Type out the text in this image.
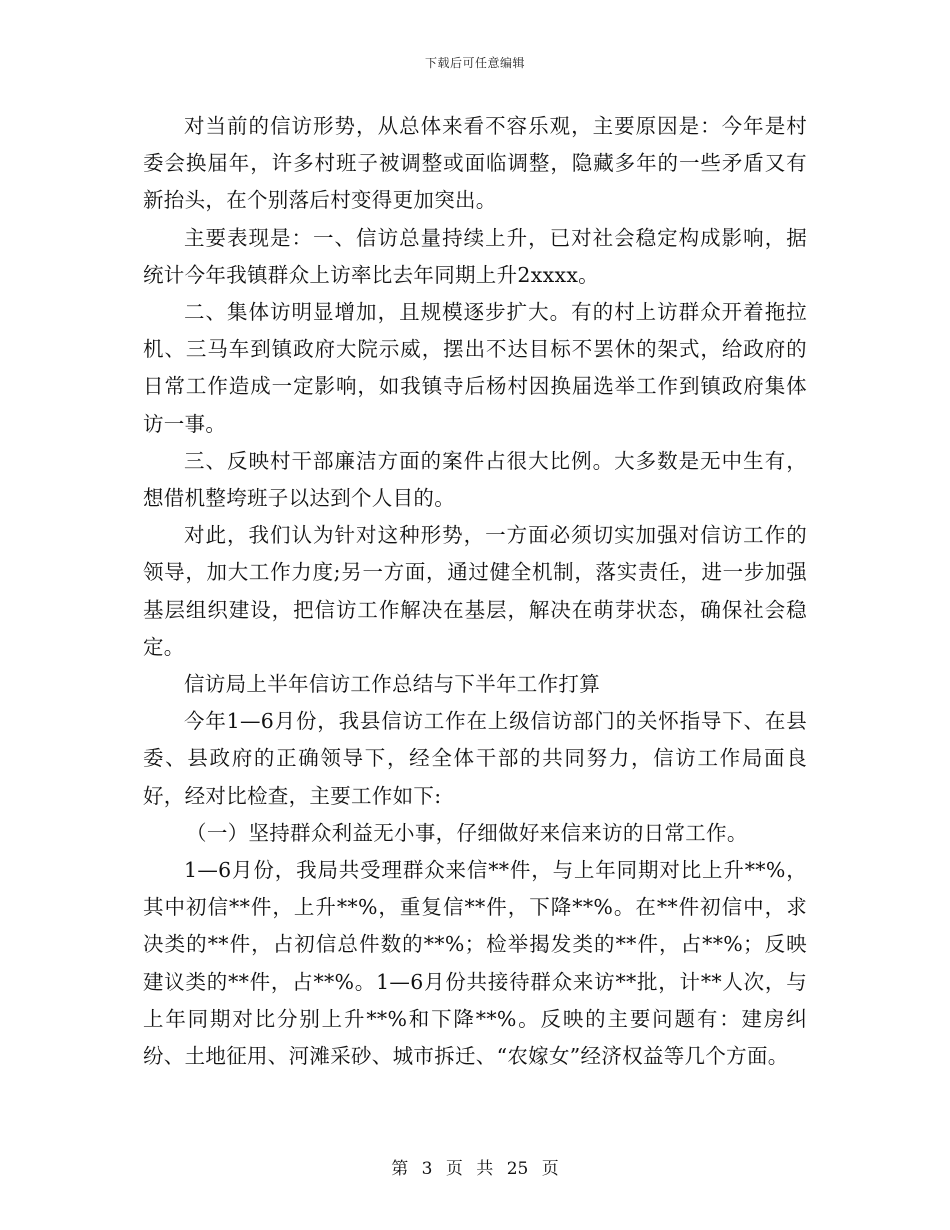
下载后可任意编辑

对当前的信访形势，从总体来看不容乐观，主要原因是：今年是村委会换届年，许多村班子被调整或面临调整，隐藏多年的一些矛盾又有新抬头，在个别落后村变得更加突出。

主要表现是：一、信访总量持续上升，已对社会稳定构成影响，据统计今年我镇群众上访率比去年同期上升2xxxx。

二、集体访明显增加，且规模逐步扩大。有的村上访群众开着拖拉机、三马车到镇政府大院示威，摆出不达目标不罢休的架式，给政府的日常工作造成一定影响，如我镇寺后杨村因换届选举工作到镇政府集体访一事。

三、反映村干部廉洁方面的案件占很大比例。大多数是无中生有，想借机整垮班子以达到个人目的。

对此，我们认为针对这种形势，一方面必须切实加强对信访工作的领导，加大工作力度;另一方面，通过健全机制，落实责任，进一步加强基层组织建设，把信访工作解决在基层，解决在萌芽状态，确保社会稳定。

信访局上半年信访工作总结与下半年工作打算

今年1—6月份，我县信访工作在上级信访部门的关怀指导下、在县委、县政府的正确领导下，经全体干部的共同努力，信访工作局面良好，经对比检查，主要工作如下:

（一）坚持群众利益无小事，仔细做好来信来访的日常工作。

1—6月份，我局共受理群众来信**件，与上年同期对比上升**%，其中初信**件，上升**%，重复信**件，下降**%。在**件初信中，求决类的**件，占初信总件数的**%；检举揭发类的**件，占**%；反映建议类的**件，占**%。1—6月份共接待群众来访**批，计**人次，与上年同期对比分别上升**%和下降**%。反映的主要问题有：建房纠纷、土地征用、河滩采砂、城市拆迁、“农嫁女”经济权益等几个方面。

第 3 页 共 25 页
